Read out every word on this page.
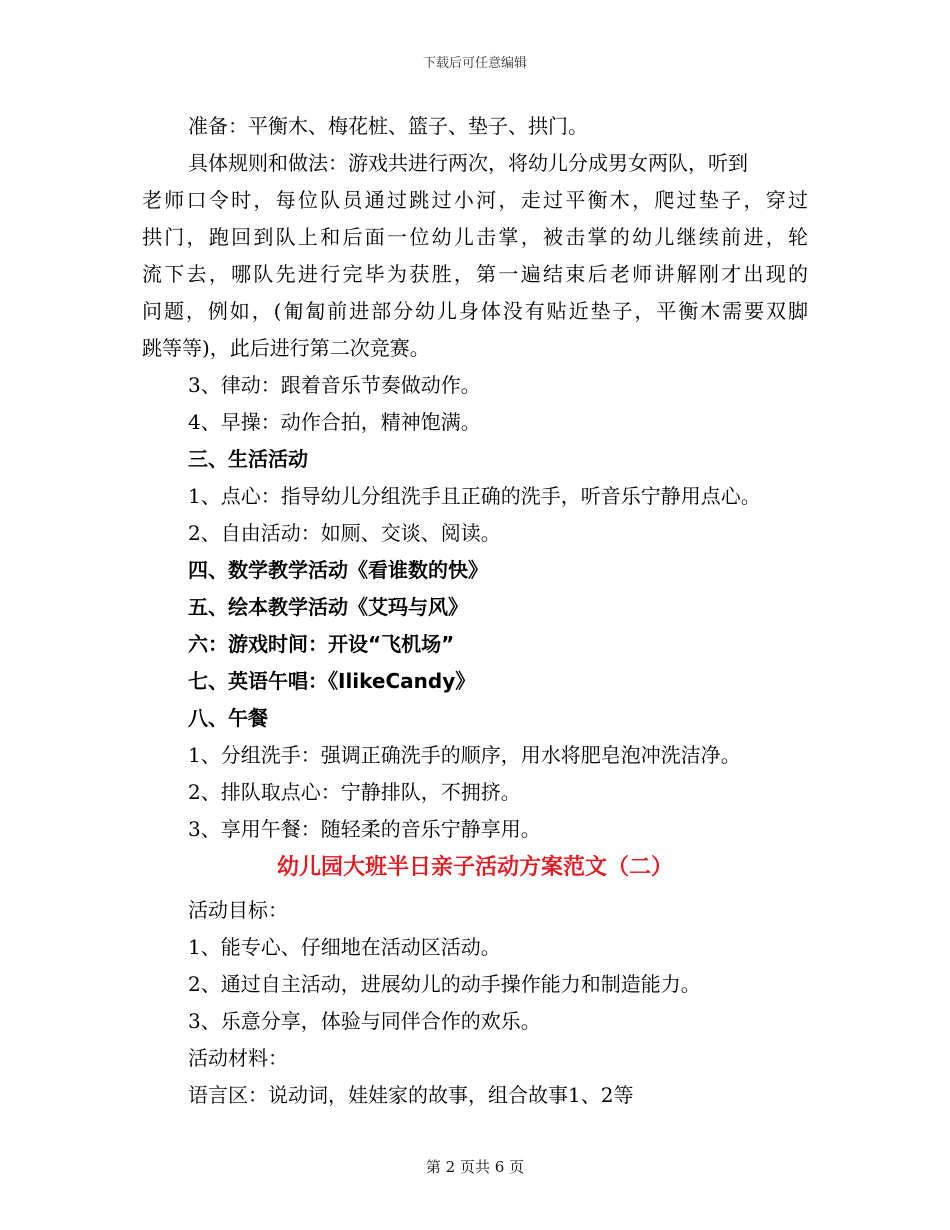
下载后可任意编辑
准备：平衡木、梅花桩、篮子、垫子、拱门。
具体规则和做法：游戏共进行两次，将幼儿分成男女两队，听到
老师口令时，每位队员通过跳过小河，走过平衡木，爬过垫子，穿过
拱门，跑回到队上和后面一位幼儿击掌，被击掌的幼儿继续前进，轮
流下去，哪队先进行完毕为获胜，第一遍结束后老师讲解刚才出现的
问题，例如，(匍匐前进部分幼儿身体没有贴近垫子，平衡木需要双脚
跳等等)，此后进行第二次竞赛。
3、律动：跟着音乐节奏做动作。
4、早操：动作合拍，精神饱满。
三、生活活动
1、点心：指导幼儿分组洗手且正确的洗手，听音乐宁静用点心。
2、自由活动：如厕、交谈、阅读。
四、数学教学活动《看谁数的快》
五、绘本教学活动《艾玛与风》
六：游戏时间：开设“飞机场”
七、英语午唱：《IlikeCandy》
八、午餐
1、分组洗手：强调正确洗手的顺序，用水将肥皂泡冲洗洁净。
2、排队取点心：宁静排队，不拥挤。
3、享用午餐：随轻柔的音乐宁静享用。
幼儿园大班半日亲子活动方案范文（二）
活动目标：
1、能专心、仔细地在活动区活动。
2、通过自主活动，进展幼儿的动手操作能力和制造能力。
3、乐意分享，体验与同伴合作的欢乐。
活动材料：
语言区：说动词，娃娃家的故事，组合故事1、2等
第 2 页共 6 页
